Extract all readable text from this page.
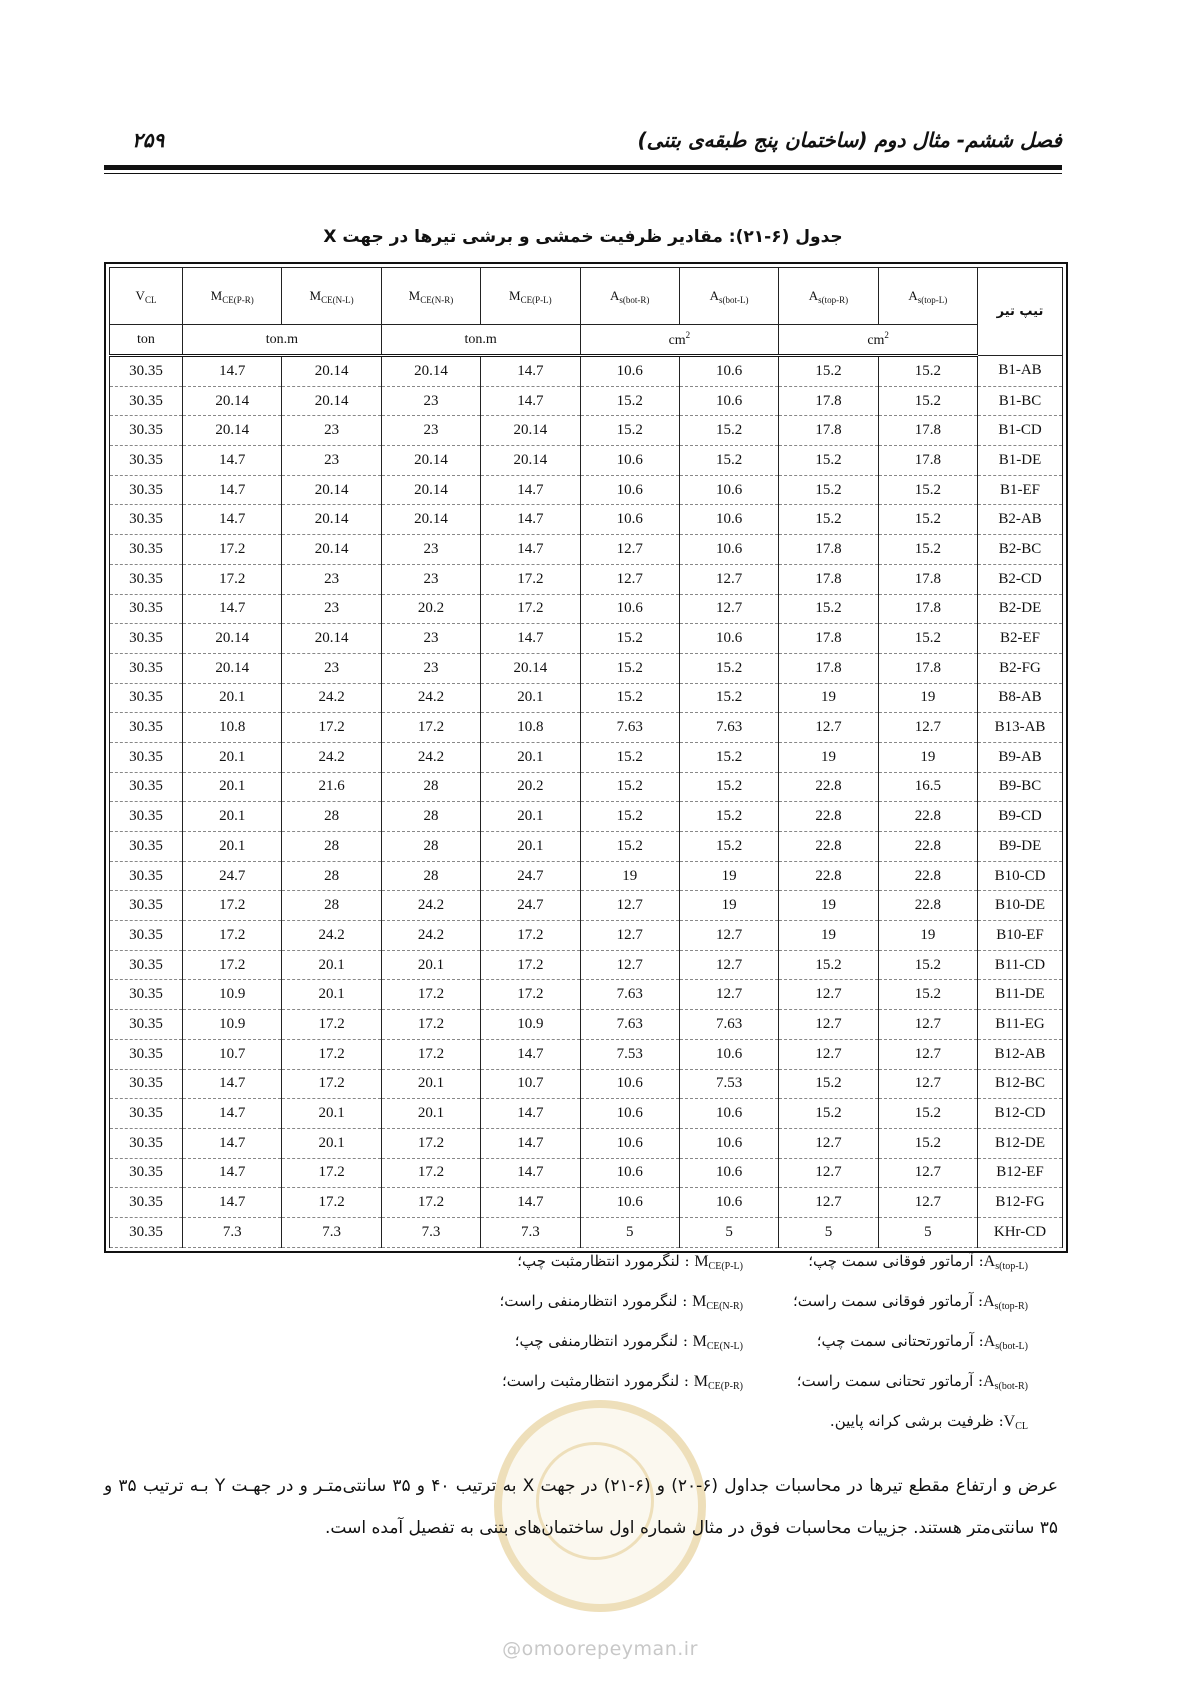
فصل ششم- مثال دوم (ساختمان پنج طبقه‌ی بتنی)
۲۵۹
جدول (۶-۲۱): مقادیر ظرفیت خمشی و برشی تیرها در جهت X
$V_{CL}$	$M_{CE(P-R)}$	$M_{CE(N-L)}$	$M_{CE(N-R)}$	$M_{CE(P-L)}$	$A_{s(bot-R)}$	$A_{s(bot-L)}$	$A_{s(top-R)}$	$A_{s(top-L)}$	تیپ تیر
ton	ton.m		ton.m		$cm^2$		$cm^2$
30.35	14.7	20.14	20.14	14.7	10.6	10.6	15.2	15.2	B1-AB
30.35	20.14	20.14	23	14.7	15.2	10.6	17.8	15.2	B1-BC
30.35	20.14	23	23	20.14	15.2	15.2	17.8	17.8	B1-CD
30.35	14.7	23	20.14	20.14	10.6	15.2	15.2	17.8	B1-DE
30.35	14.7	20.14	20.14	14.7	10.6	10.6	15.2	15.2	B1-EF
30.35	14.7	20.14	20.14	14.7	10.6	10.6	15.2	15.2	B2-AB
30.35	17.2	20.14	23	14.7	12.7	10.6	17.8	15.2	B2-BC
30.35	17.2	23	23	17.2	12.7	12.7	17.8	17.8	B2-CD
30.35	14.7	23	20.2	17.2	10.6	12.7	15.2	17.8	B2-DE
30.35	20.14	20.14	23	14.7	15.2	10.6	17.8	15.2	B2-EF
30.35	20.14	23	23	20.14	15.2	15.2	17.8	17.8	B2-FG
30.35	20.1	24.2	24.2	20.1	15.2	15.2	19	19	B8-AB
30.35	10.8	17.2	17.2	10.8	7.63	7.63	12.7	12.7	B13-AB
30.35	20.1	24.2	24.2	20.1	15.2	15.2	19	19	B9-AB
30.35	20.1	21.6	28	20.2	15.2	15.2	22.8	16.5	B9-BC
30.35	20.1	28	28	20.1	15.2	15.2	22.8	22.8	B9-CD
30.35	20.1	28	28	20.1	15.2	15.2	22.8	22.8	B9-DE
30.35	24.7	28	28	24.7	19	19	22.8	22.8	B10-CD
30.35	17.2	28	24.2	24.7	12.7	19	19	22.8	B10-DE
30.35	17.2	24.2	24.2	17.2	12.7	12.7	19	19	B10-EF
30.35	17.2	20.1	20.1	17.2	12.7	12.7	15.2	15.2	B11-CD
30.35	10.9	20.1	17.2	17.2	7.63	12.7	12.7	15.2	B11-DE
30.35	10.9	17.2	17.2	10.9	7.63	7.63	12.7	12.7	B11-EG
30.35	10.7	17.2	17.2	14.7	7.53	10.6	12.7	12.7	B12-AB
30.35	14.7	17.2	20.1	10.7	10.6	7.53	15.2	12.7	B12-BC
30.35	14.7	20.1	20.1	14.7	10.6	10.6	15.2	15.2	B12-CD
30.35	14.7	20.1	17.2	14.7	10.6	10.6	12.7	15.2	B12-DE
30.35	14.7	17.2	17.2	14.7	10.6	10.6	12.7	12.7	B12-EF
30.35	14.7	17.2	17.2	14.7	10.6	10.6	12.7	12.7	B12-FG
30.35	7.3	7.3	7.3	7.3	5	5	5	5	KHr-CD
$A_{s(top-L)}$: آرماتور فوقانی سمت چپ؛
$M_{CE(P-L)}$ : لنگرمورد انتظارمثبت چپ؛
$A_{s(top-R)}$: آرماتور فوقانی سمت راست؛
$M_{CE(N-R)}$ : لنگرمورد انتظارمنفی راست؛
$A_{s(bot-L)}$: آرماتورتحتانی سمت چپ؛
$M_{CE(N-L)}$ : لنگرمورد انتظارمنفی چپ؛
$A_{s(bot-R)}$: آرماتور تحتانی سمت راست؛
$M_{CE(P-R)}$ : لنگرمورد انتظارمثبت راست؛
$V_{CL}$: ظرفیت برشی کرانه پایین.
عرض و ارتفاع مقطع تیرها در محاسبات جداول (۶-۲۰) و (۶-۲۱) در جهت X به ترتیب ۴۰ و ۳۵ سانتی‌متـر و در جهـت Y بـه ترتیب ۳۵ و ۳۵ سانتی‌متر هستند. جزییات محاسبات فوق در مثال شماره اول ساختمان‌های بتنی به تفصیل آمده است.
@omoorepeyman.ir
